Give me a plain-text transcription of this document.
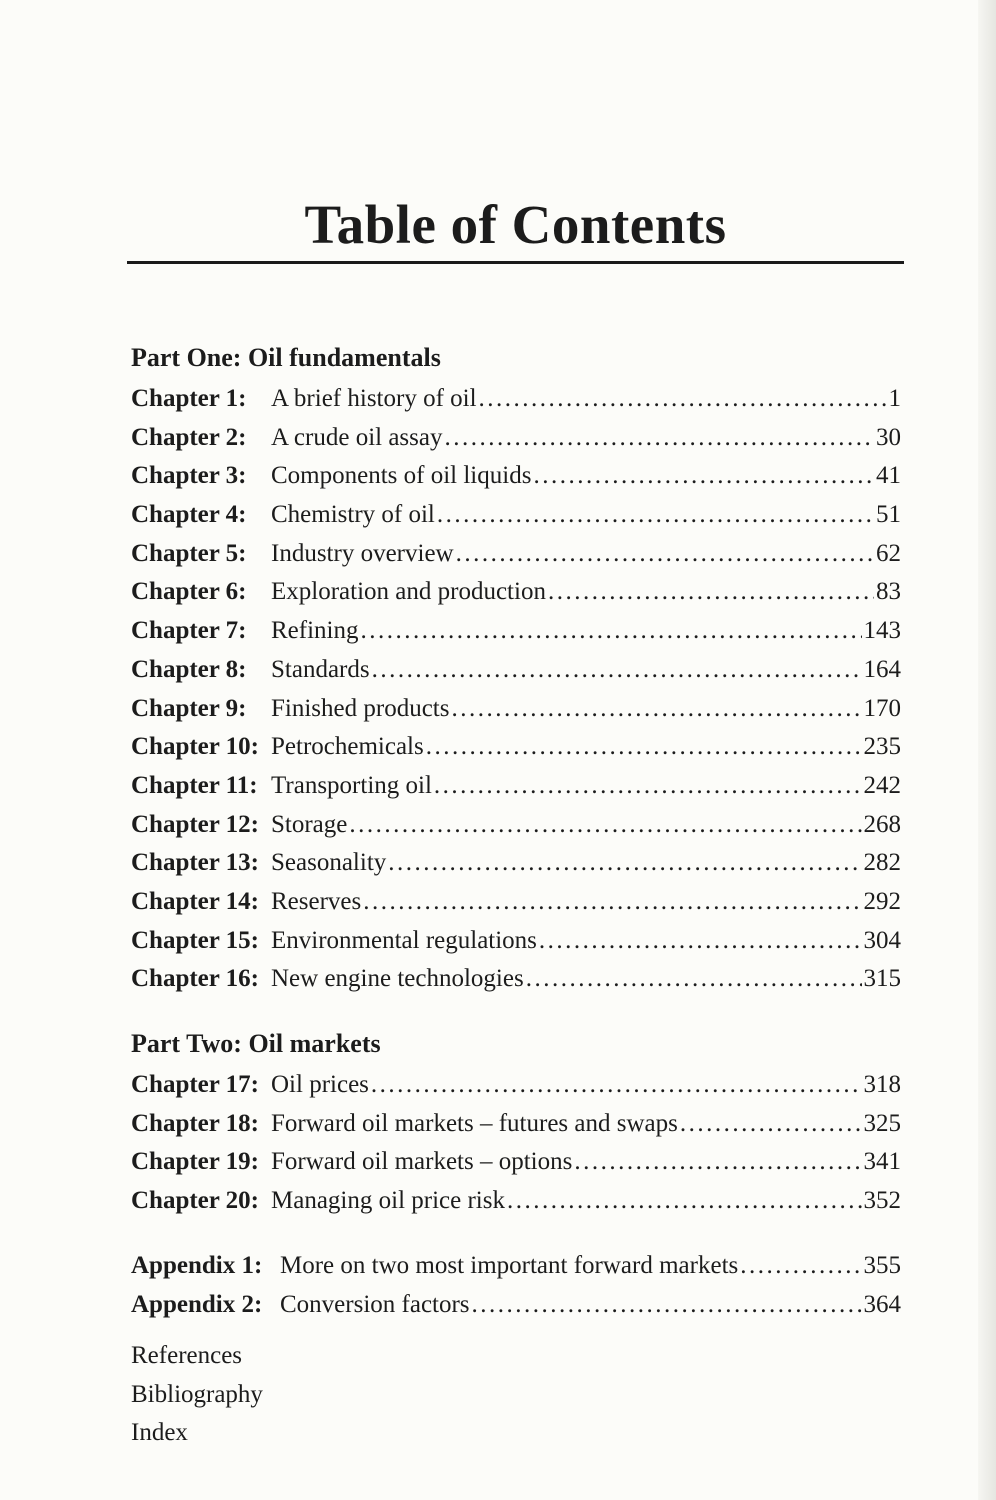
Table of Contents
Part One: Oil fundamentals
Chapter 1: A brief history of oil .....	1
Chapter 2: A crude oil assay .....	30
Chapter 3: Components of oil liquids .....	41
Chapter 4: Chemistry of oil .....	51
Chapter 5: Industry overview .....	62
Chapter 6: Exploration and production .....	83
Chapter 7: Refining .....	143
Chapter 8: Standards .....	164
Chapter 9: Finished products .....	170
Chapter 10: Petrochemicals .....	235
Chapter 11: Transporting oil .....	242
Chapter 12: Storage .....	268
Chapter 13: Seasonality .....	282
Chapter 14: Reserves .....	292
Chapter 15: Environmental regulations .....	304
Chapter 16: New engine technologies .....	315
Part Two: Oil markets
Chapter 17: Oil prices .....	318
Chapter 18: Forward oil markets – futures and swaps .....	325
Chapter 19: Forward oil markets – options .....	341
Chapter 20: Managing oil price risk .....	352
Appendix 1: More on two most important forward markets .....	355
Appendix 2: Conversion factors .....	364
References
Bibliography
Index
